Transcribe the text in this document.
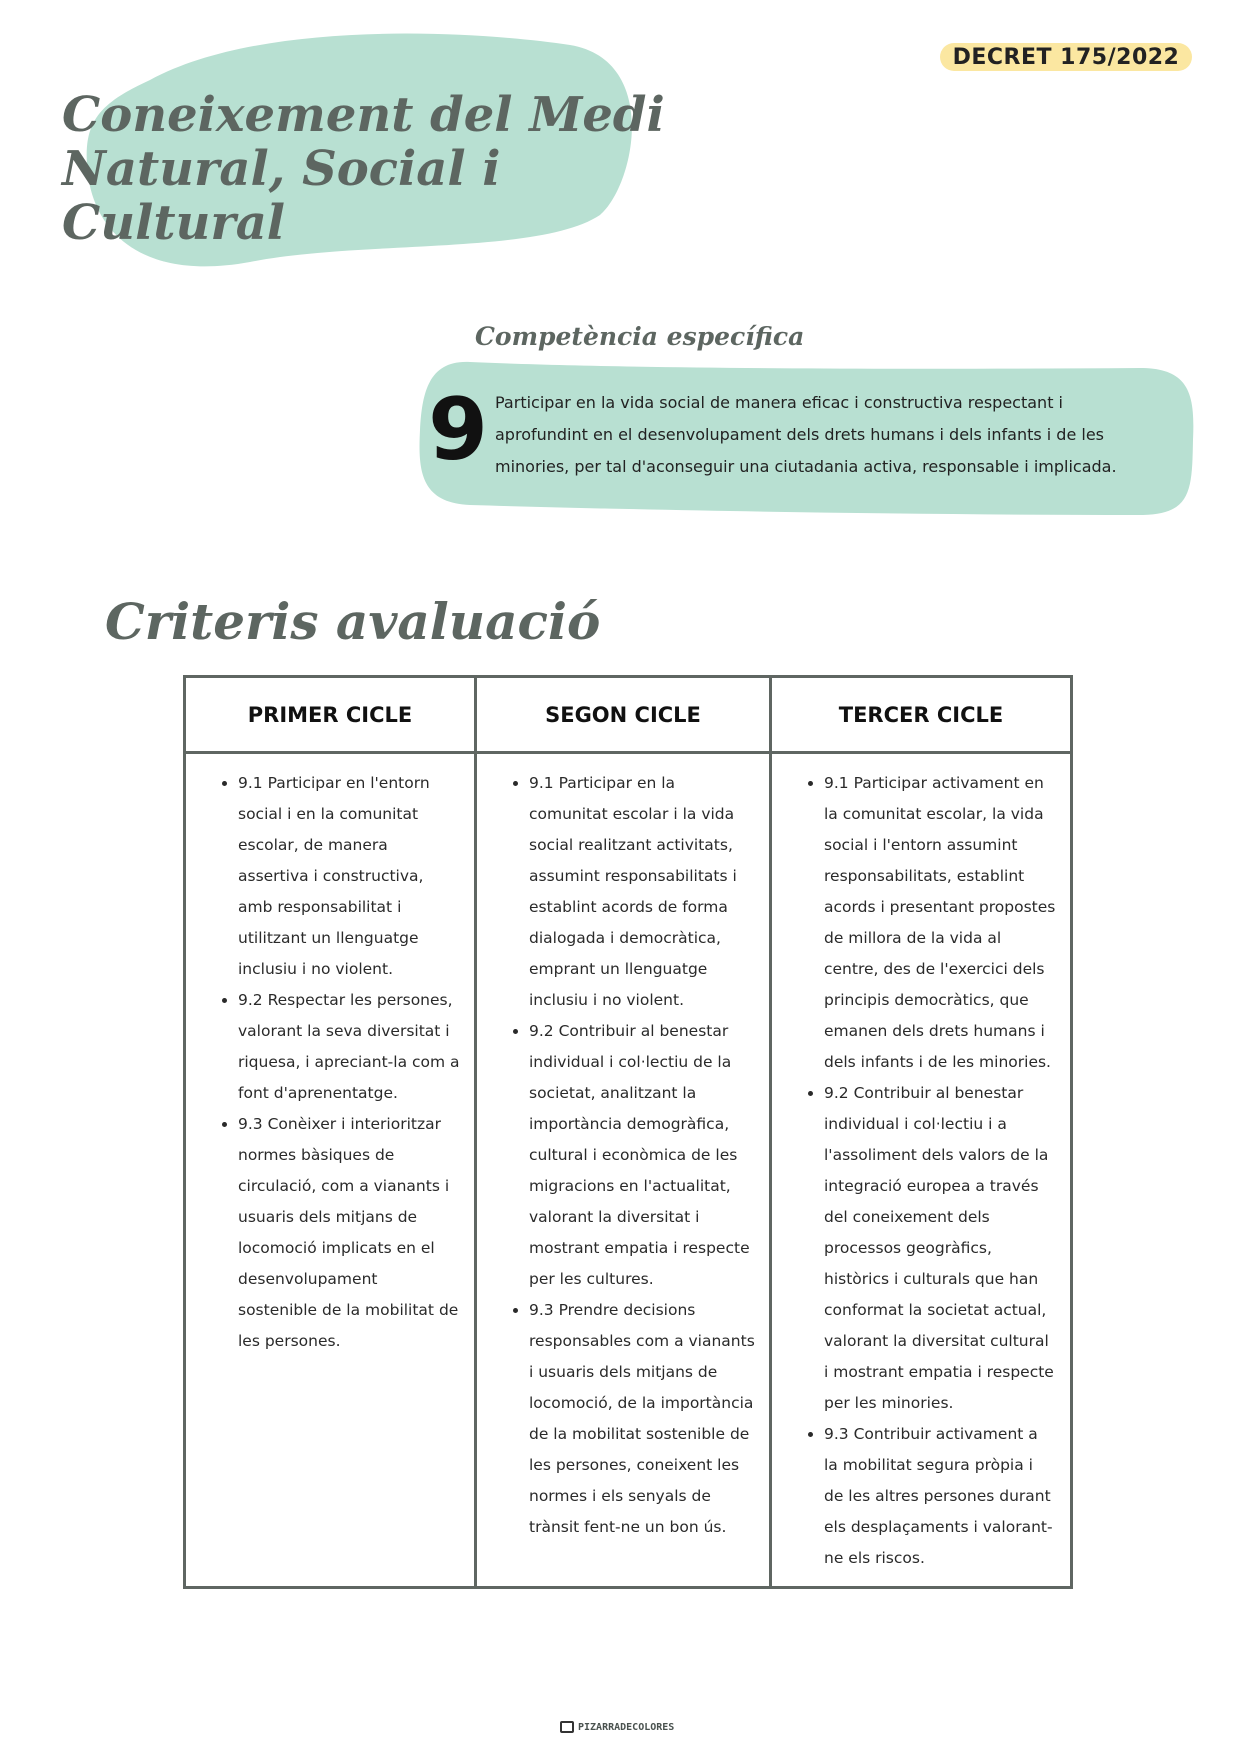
DECRET 175/2022
Coneixement del Medi
Natural, Social i Cultural
Competència específica
9 Participar en la vida social de manera eficac i constructiva respectant i aprofundint en el desenvolupament dels drets humans i dels infants i de les minories, per tal d'aconseguir una ciutadania activa, responsable i implicada.

Criteris avaluació
PRIMER CICLE
• 9.1 Participar en l'entorn social i en la comunitat escolar, de manera assertiva i constructiva, amb responsabilitat i utilitzant un llenguatge inclusiu i no violent.
• 9.2 Respectar les persones, valorant la seva diversitat i riquesa, i apreciant-la com a font d'aprenentatge.
• 9.3 Conèixer i interioritzar normes bàsiques de circulació, com a vianants i usuaris dels mitjans de locomoció implicats en el desenvolupament sostenible de la mobilitat de les persones.
SEGON CICLE
• 9.1 Participar en la comunitat escolar i la vida social realitzant activitats, assumint responsabilitats i establint acords de forma dialogada i democràtica, emprant un llenguatge inclusiu i no violent.
• 9.2 Contribuir al benestar individual i col·lectiu de la societat, analitzant la importància demogràfica, cultural i econòmica de les migracions en l'actualitat, valorant la diversitat i mostrant empatia i respecte per les cultures.
• 9.3 Prendre decisions responsables com a vianants i usuaris dels mitjans de locomoció, de la importància de la mobilitat sostenible de les persones, coneixent les normes i els senyals de trànsit fent-ne un bon ús.
TERCER CICLE
• 9.1 Participar activament en la comunitat escolar, la vida social i l'entorn assumint responsabilitats, establint acords i presentant propostes de millora de la vida al centre, des de l'exercici dels principis democràtics, que emanen dels drets humans i dels infants i de les minories.
• 9.2 Contribuir al benestar individual i col·lectiu i a l'assoliment dels valors de la integració europea a través del coneixement dels processos geogràfics, històrics i culturals que han conformat la societat actual, valorant la diversitat cultural i mostrant empatia i respecte per les minories.
• 9.3 Contribuir activament a la mobilitat segura pròpia i de les altres persones durant els desplaçaments i valorant-ne els riscos.
PIZARRADECOLORES
